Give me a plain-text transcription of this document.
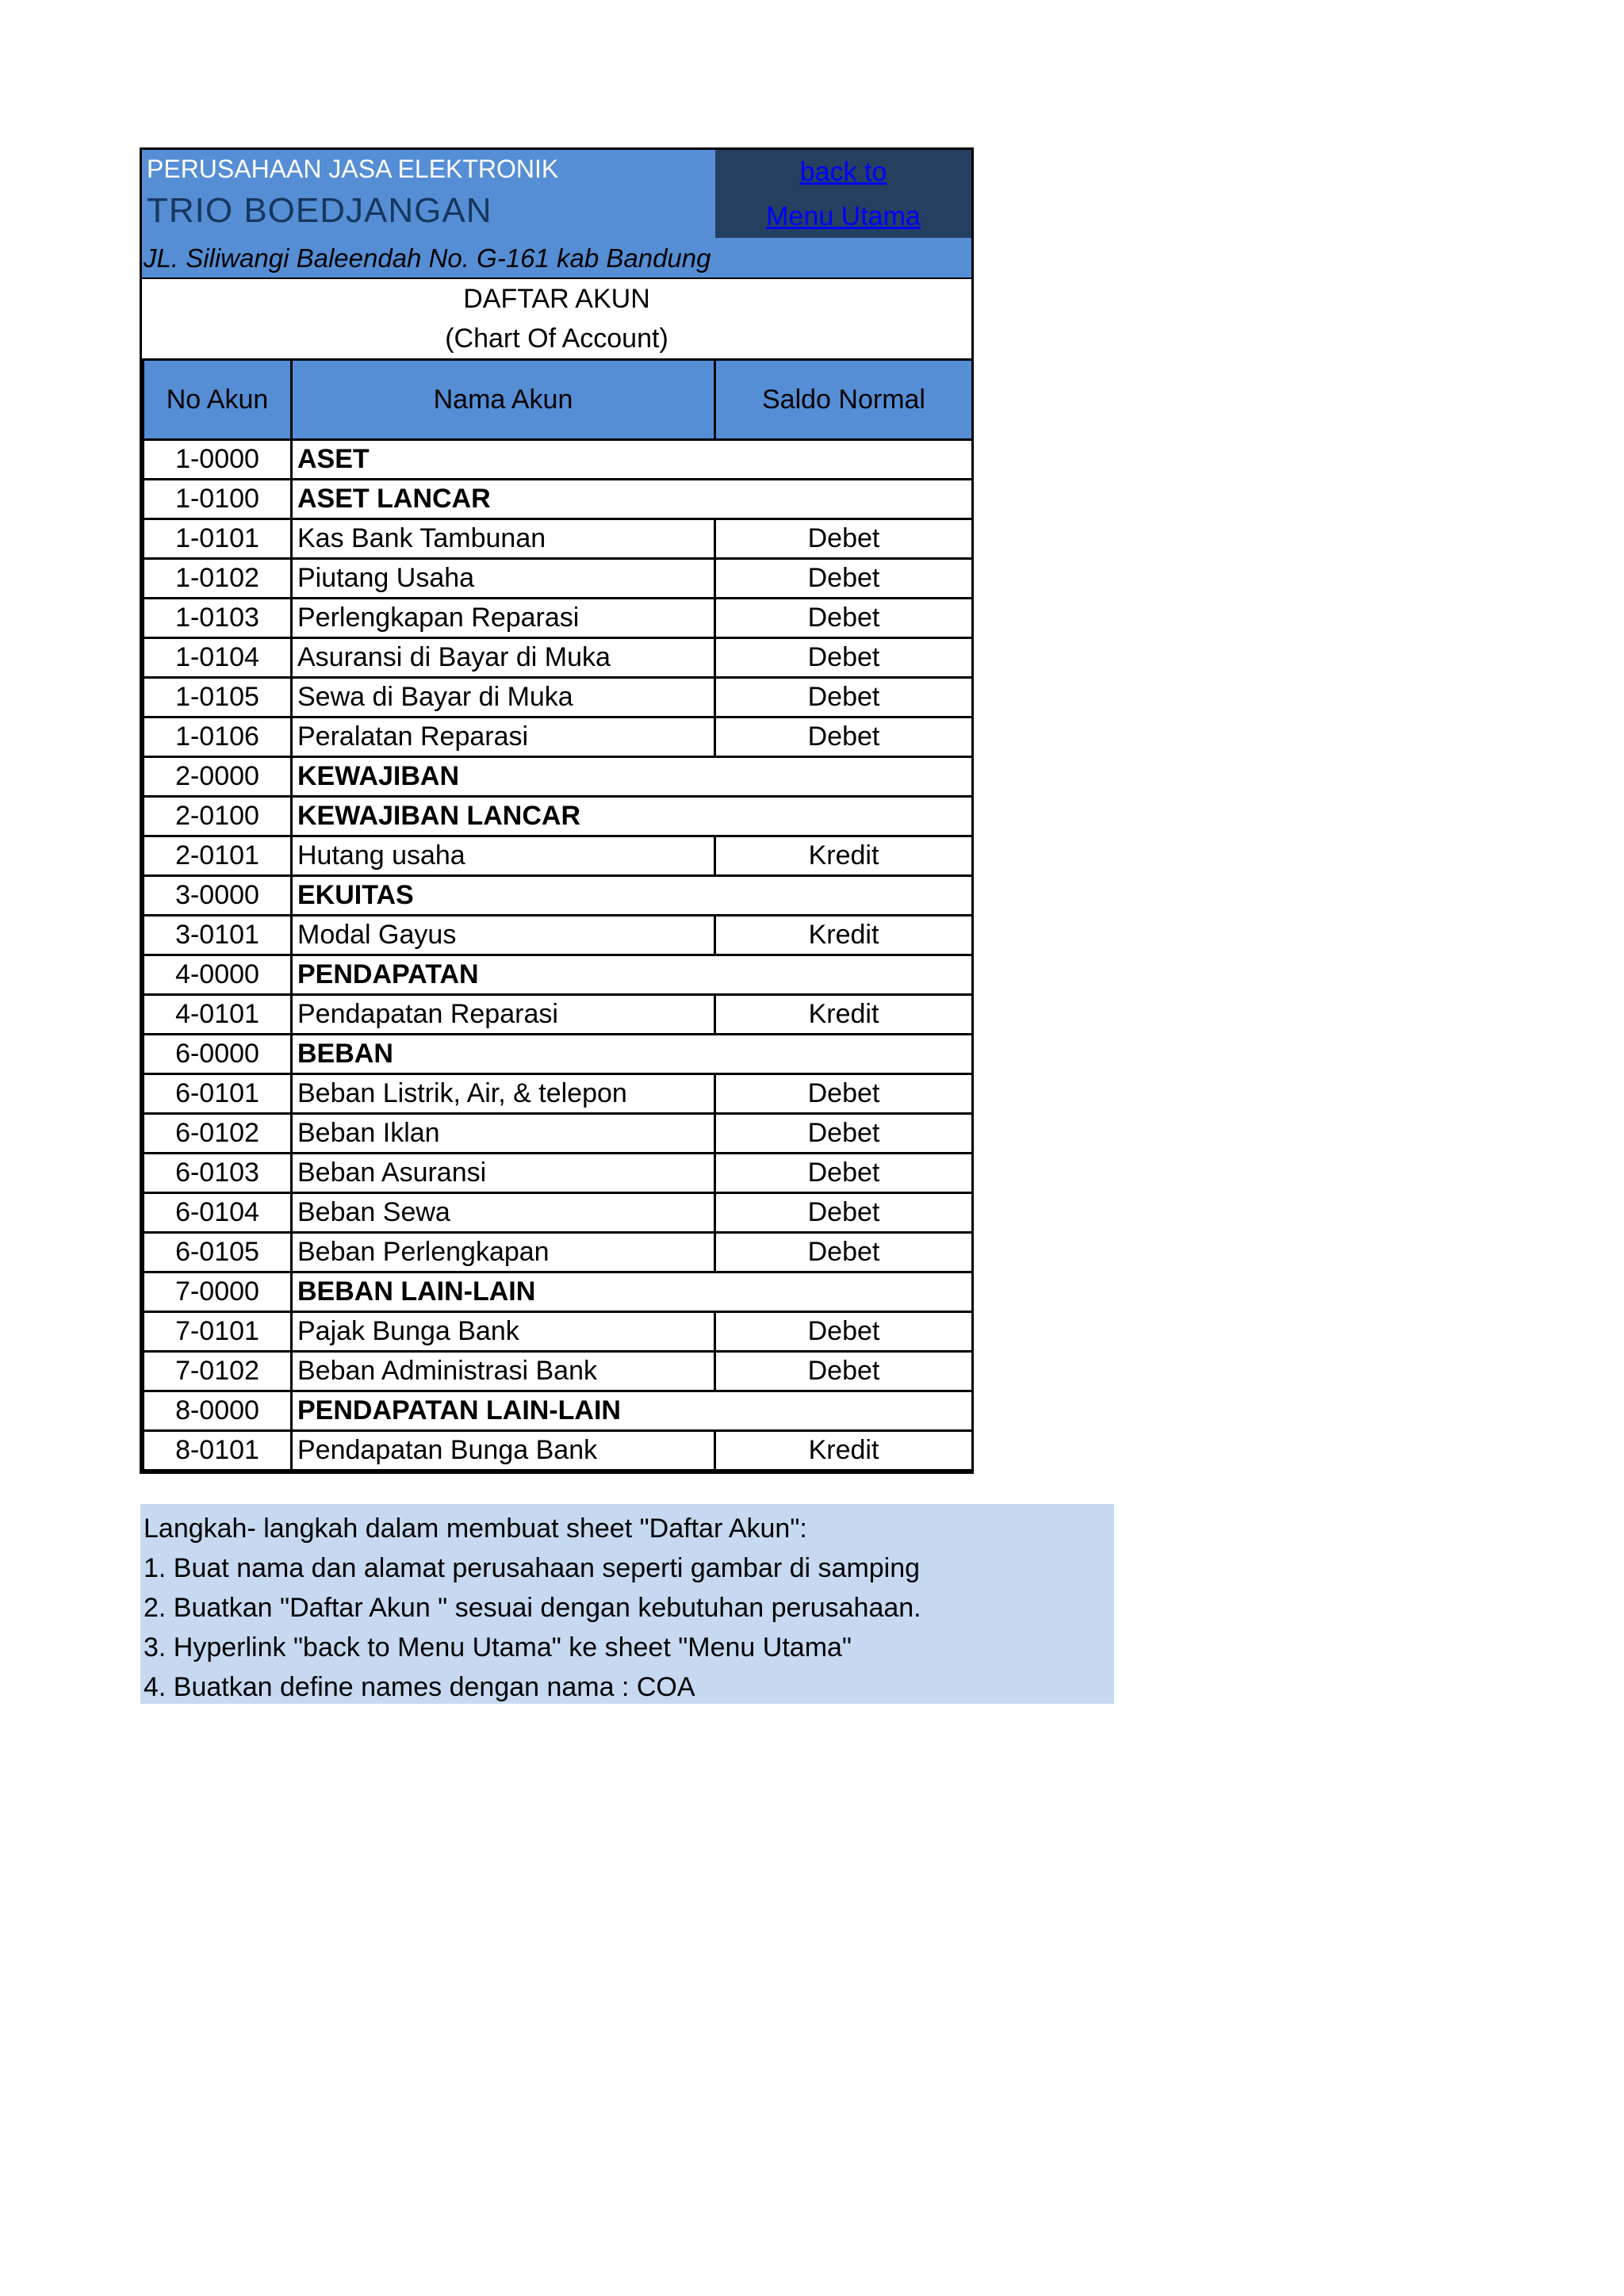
PERUSAHAAN JASA ELEKTRONIK
TRIO BOEDJANGAN
JL. Siliwangi Baleendah No. G-161 kab Bandung
back to
Menu Utama
DAFTAR AKUN
(Chart Of Account)
No Akun	Nama Akun	Saldo Normal
1-0000	ASET	
1-0100	ASET LANCAR	
1-0101	Kas Bank Tambunan	Debet
1-0102	Piutang Usaha	Debet
1-0103	Perlengkapan Reparasi	Debet
1-0104	Asuransi di Bayar di Muka	Debet
1-0105	Sewa di Bayar di Muka	Debet
1-0106	Peralatan Reparasi	Debet
2-0000	KEWAJIBAN	
2-0100	KEWAJIBAN LANCAR	
2-0101	Hutang usaha	Kredit
3-0000	EKUITAS	
3-0101	Modal Gayus	Kredit
4-0000	PENDAPATAN	
4-0101	Pendapatan Reparasi	Kredit
6-0000	BEBAN	
6-0101	Beban Listrik, Air, & telepon	Debet
6-0102	Beban Iklan	Debet
6-0103	Beban Asuransi	Debet
6-0104	Beban Sewa	Debet
6-0105	Beban Perlengkapan	Debet
7-0000	BEBAN LAIN-LAIN	
7-0101	Pajak Bunga Bank	Debet
7-0102	Beban Administrasi Bank	Debet
8-0000	PENDAPATAN LAIN-LAIN	
8-0101	Pendapatan Bunga Bank	Kredit
Langkah- langkah dalam membuat sheet "Daftar Akun":
1. Buat nama dan alamat perusahaan seperti gambar di samping
2. Buatkan "Daftar Akun " sesuai dengan kebutuhan perusahaan.
3. Hyperlink "back to Menu Utama" ke sheet "Menu Utama"
4. Buatkan define names dengan nama : COA
